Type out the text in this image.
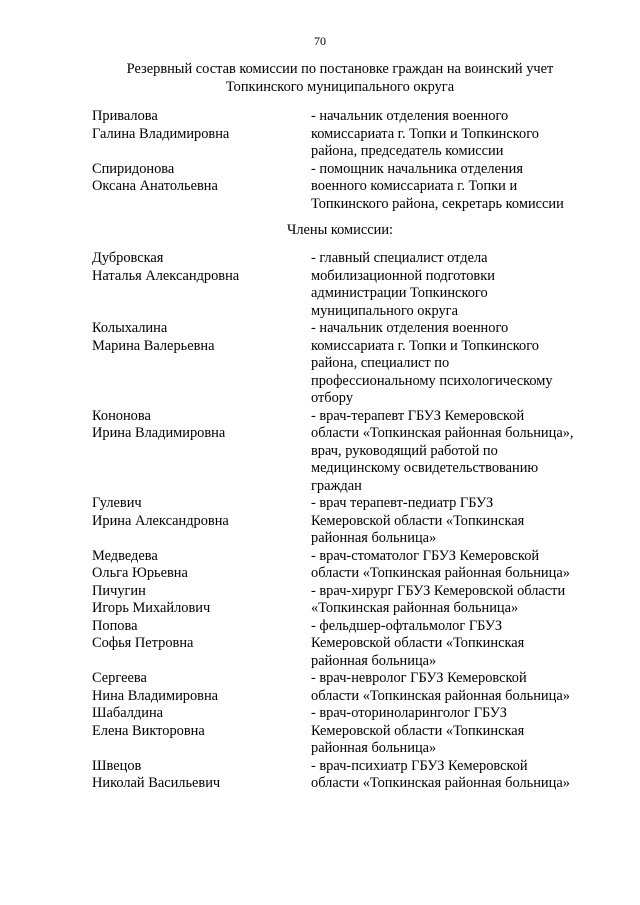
70
Резервный состав комиссии по постановке граждан на воинский учет
Топкинского муниципального округа
Привалова
Галина Владимировна
- начальник отделения военного
комиссариата г. Топки и Топкинского
района, председатель комиссии
Спиридонова
Оксана Анатольевна
- помощник начальника отделения
военного комиссариата г. Топки и
Топкинского района, секретарь комиссии
Члены комиссии:
Дубровская
Наталья Александровна
- главный специалист отдела
мобилизационной подготовки
администрации Топкинского
муниципального округа
Колыхалина
Марина Валерьевна
- начальник отделения военного
комиссариата г. Топки и Топкинского
района, специалист по
профессиональному психологическому
отбору
Кононова
Ирина Владимировна
- врач-терапевт ГБУЗ Кемеровской
области «Топкинская районная больница»,
врач, руководящий работой по
медицинскому освидетельствованию
граждан
Гулевич
Ирина Александровна
- врач терапевт-педиатр ГБУЗ
Кемеровской области «Топкинская
районная больница»
Медведева
Ольга Юрьевна
- врач-стоматолог ГБУЗ Кемеровской
области «Топкинская районная больница»
Пичугин
Игорь Михайлович
- врач-хирург ГБУЗ Кемеровской области
«Топкинская районная больница»
Попова
Софья Петровна
- фельдшер-офтальмолог ГБУЗ
Кемеровской области «Топкинская
районная больница»
Сергеева
Нина Владимировна
- врач-невролог ГБУЗ Кемеровской
области «Топкинская районная больница»
Шабалдина
Елена Викторовна
- врач-оториноларинголог ГБУЗ
Кемеровской области «Топкинская
районная больница»
Швецов
Николай Васильевич
- врач-психиатр ГБУЗ Кемеровской
области «Топкинская районная больница»
